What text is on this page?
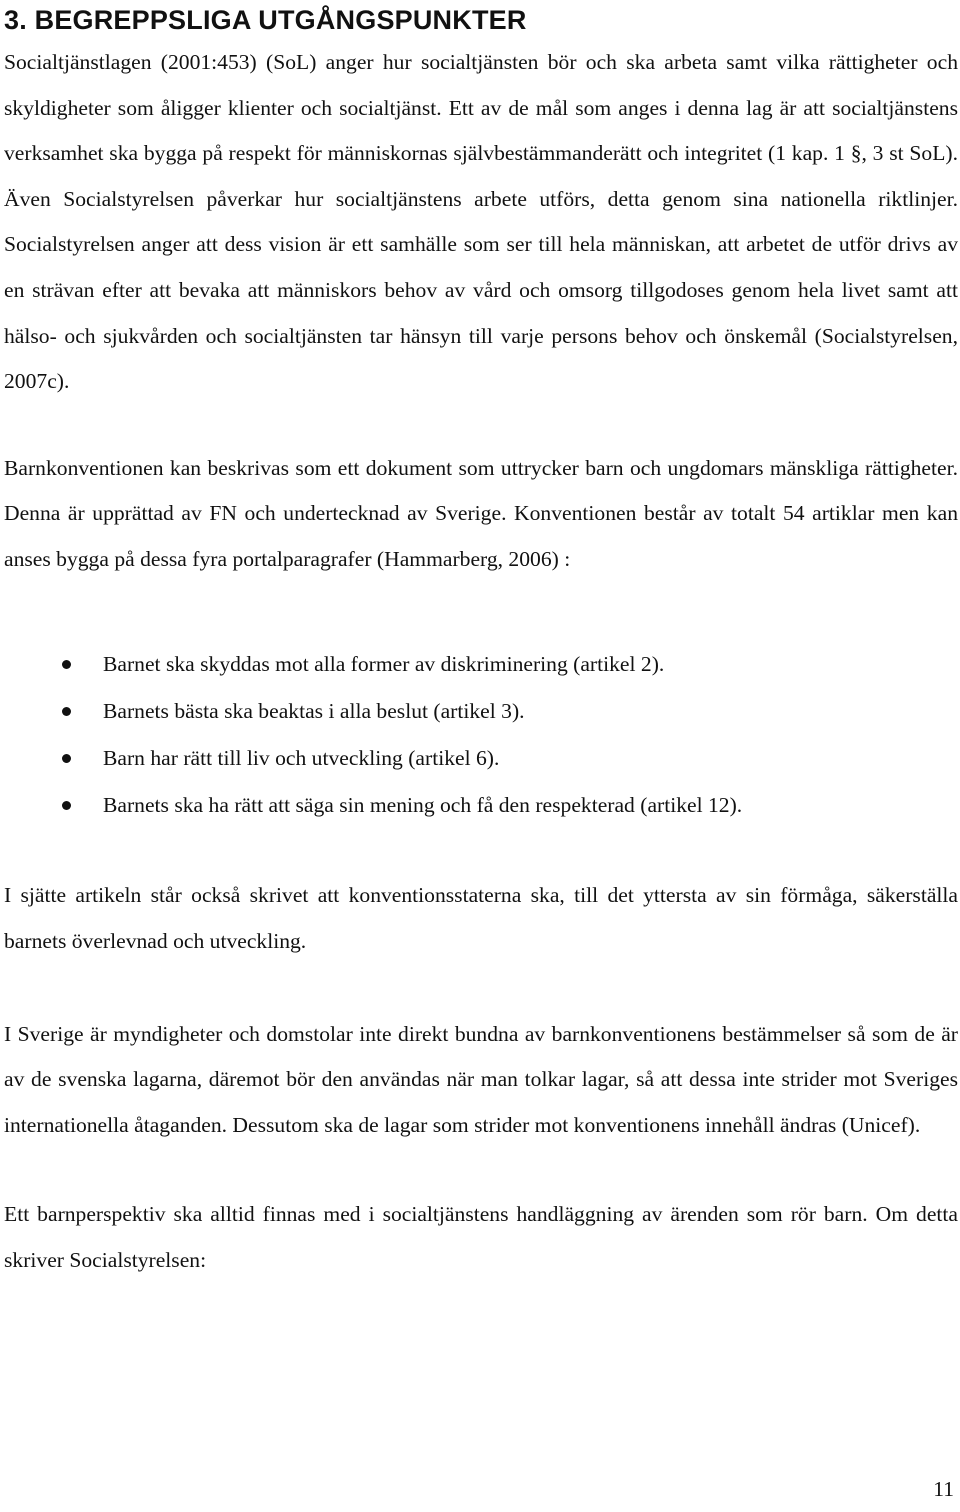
3. BEGREPPSLIGA UTGÅNGSPUNKTER

Socialtjänstlagen (2001:453) (SoL) anger hur socialtjänsten bör och ska arbeta samt vilka rättigheter och skyldigheter som åligger klienter och socialtjänst. Ett av de mål som anges i denna lag är att socialtjänstens verksamhet ska bygga på respekt för människornas självbestämmanderätt och integritet (1 kap. 1 §, 3 st SoL). Även Socialstyrelsen påverkar hur socialtjänstens arbete utförs, detta genom sina nationella riktlinjer. Socialstyrelsen anger att dess vision är ett samhälle som ser till hela människan, att arbetet de utför drivs av en strävan efter att bevaka att människors behov av vård och omsorg tillgodoses genom hela livet samt att hälso- och sjukvården och socialtjänsten tar hänsyn till varje persons behov och önskemål (Socialstyrelsen, 2007c).

Barnkonventionen kan beskrivas som ett dokument som uttrycker barn och ungdomars mänskliga rättigheter. Denna är upprättad av FN och undertecknad av Sverige. Konventionen består av totalt 54 artiklar men kan anses bygga på dessa fyra portalparagrafer (Hammarberg, 2006) :

Barnet ska skyddas mot alla former av diskriminering (artikel 2).
Barnets bästa ska beaktas i alla beslut (artikel 3).
Barn har rätt till liv och utveckling (artikel 6).
Barnets ska ha rätt att säga sin mening och få den respekterad (artikel 12).

I sjätte artikeln står också skrivet att konventionsstaterna ska, till det yttersta av sin förmåga, säkerställa barnets överlevnad och utveckling.

I Sverige är myndigheter och domstolar inte direkt bundna av barnkonventionens bestämmelser så som de är av de svenska lagarna, däremot bör den användas när man tolkar lagar, så att dessa inte strider mot Sveriges internationella åtaganden. Dessutom ska de lagar som strider mot konventionens innehåll ändras (Unicef).

Ett barnperspektiv ska alltid finnas med i socialtjänstens handläggning av ärenden som rör barn. Om detta skriver Socialstyrelsen:

11
